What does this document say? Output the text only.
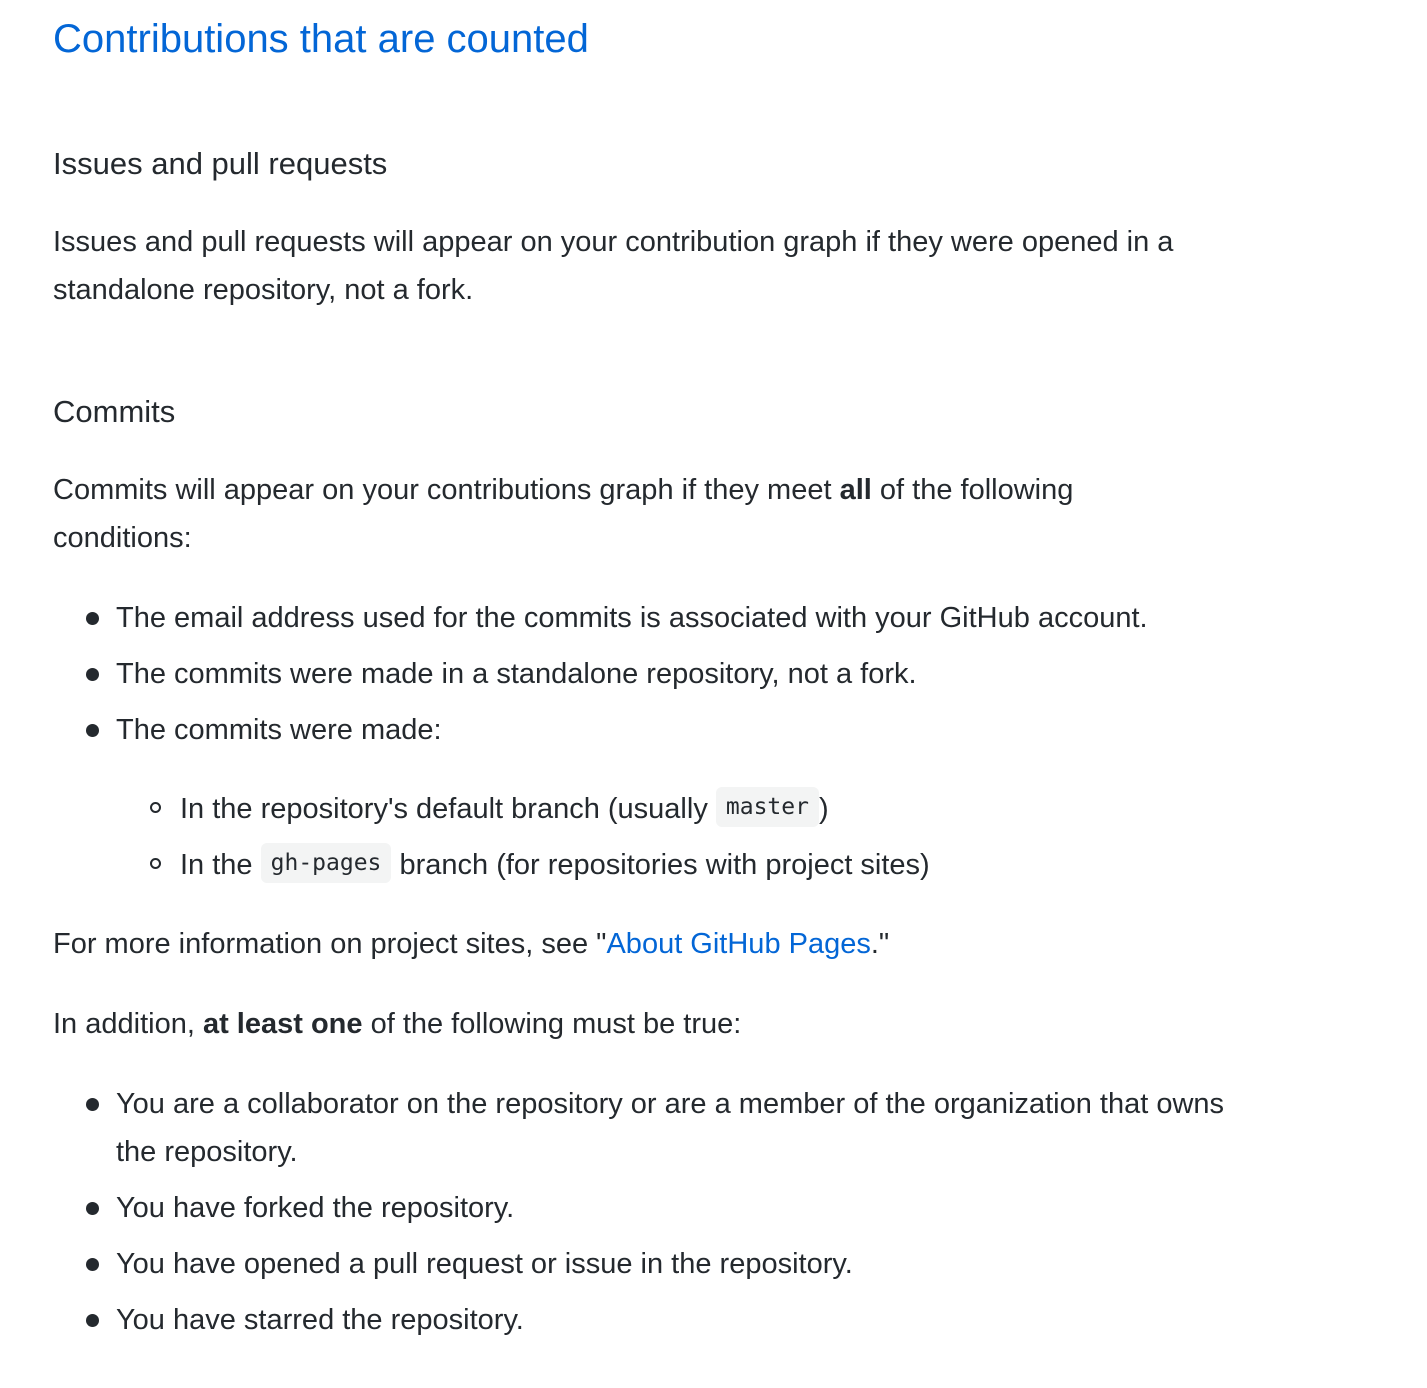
Contributions that are counted
Issues and pull requests

Issues and pull requests will appear on your contribution graph if they were opened in a
standalone repository, not a fork.

Commits

Commits will appear on your contributions graph if they meet all of the following
conditions:

The email address used for the commits is associated with your GitHub account.
The commits were made in a standalone repository, not a fork.
The commits were made:
In the repository's default branch (usually master )
In the gh-pages branch (for repositories with project sites)

For more information on project sites, see "About GitHub Pages."

In addition, at least one of the following must be true:

You are a collaborator on the repository or are a member of the organization that owns
the repository.
You have forked the repository.
You have opened a pull request or issue in the repository.
You have starred the repository.
